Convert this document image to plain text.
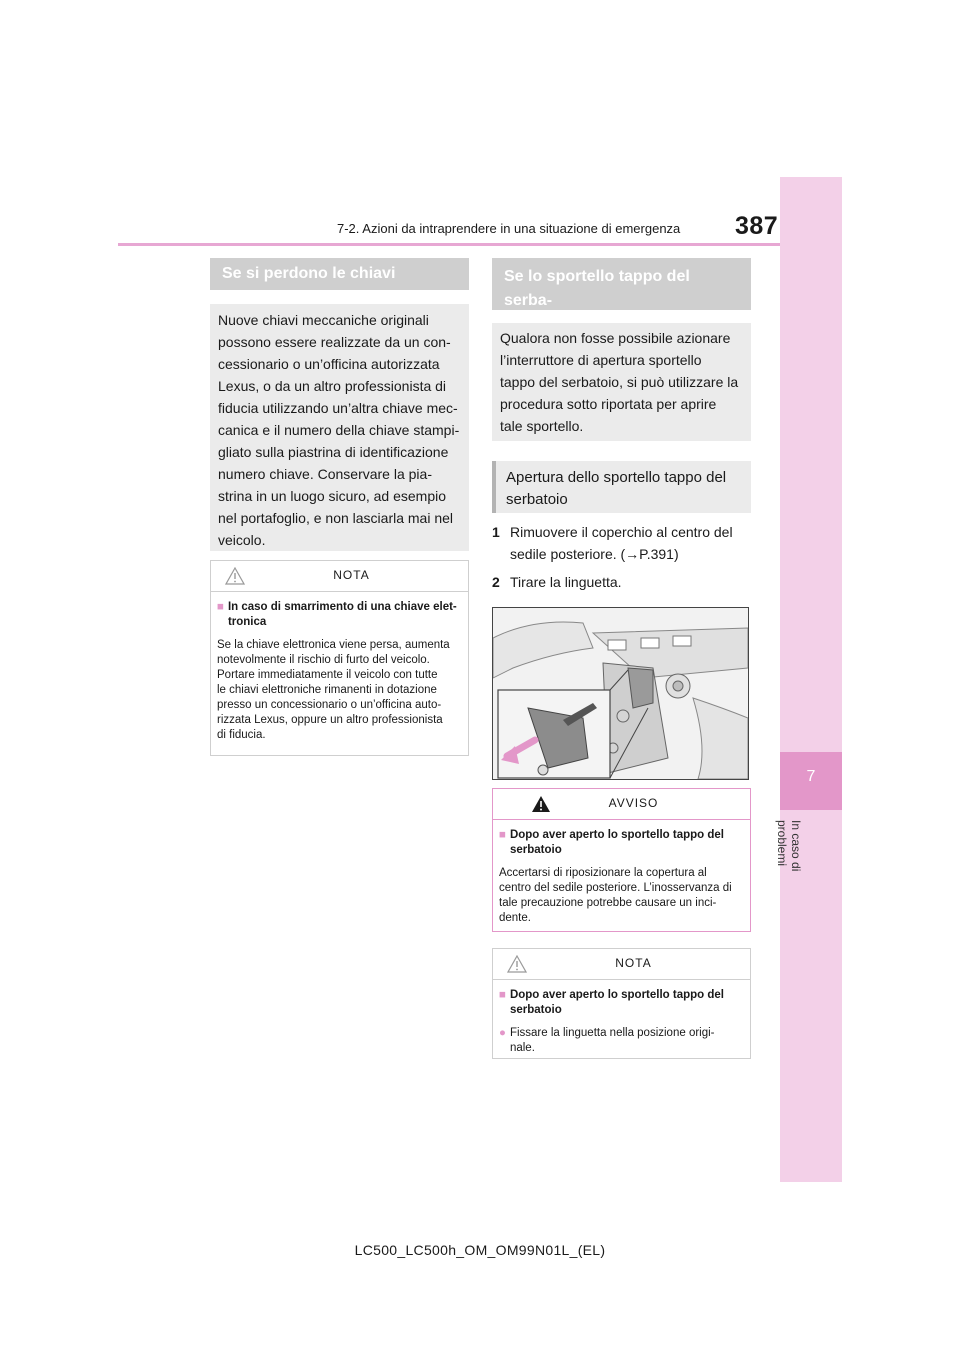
7
In caso di problemi
7-2. Azioni da intraprendere in una situazione di emergenza 387
Se si perdono le chiavi
Nuove chiavi meccaniche originali
possono essere realizzate da un con-
cessionario o un’officina autorizzata
Lexus, o da un altro professionista di
fiducia utilizzando un’altra chiave mec-
canica e il numero della chiave stampi-
gliato sulla piastrina di identificazione
numero chiave. Conservare la pia-
strina in un luogo sicuro, ad esempio
nel portafoglio, e non lasciarla mai nel
veicolo.
NOTA
■ In caso di smarrimento di una chiave elet-
tronica
Se la chiave elettronica viene persa, aumenta
notevolmente il rischio di furto del veicolo.
Portare immediatamente il veicolo con tutte
le chiavi elettroniche rimanenti in dotazione
presso un concessionario o un’officina auto-
rizzata Lexus, oppure un altro professionista
di fiducia.
Se lo sportello tappo del serba-
Qualora non fosse possibile azionare
l’interruttore di apertura sportello
tappo del serbatoio, si può utilizzare la
procedura sotto riportata per aprire
tale sportello.
Apertura dello sportello tappo del
serbatoio
1 Rimuovere il coperchio al centro del
sedile posteriore. (→P.391)
2 Tirare la linguetta.
AVVISO
■ Dopo aver aperto lo sportello tappo del
serbatoio
Accertarsi di riposizionare la copertura al
centro del sedile posteriore. L’inosservanza di
tale precauzione potrebbe causare un inci-
dente.
NOTA
■ Dopo aver aperto lo sportello tappo del
serbatoio
● Fissare la linguetta nella posizione origi-
nale.
LC500_LC500h_OM_OM99N01L_(EL)
